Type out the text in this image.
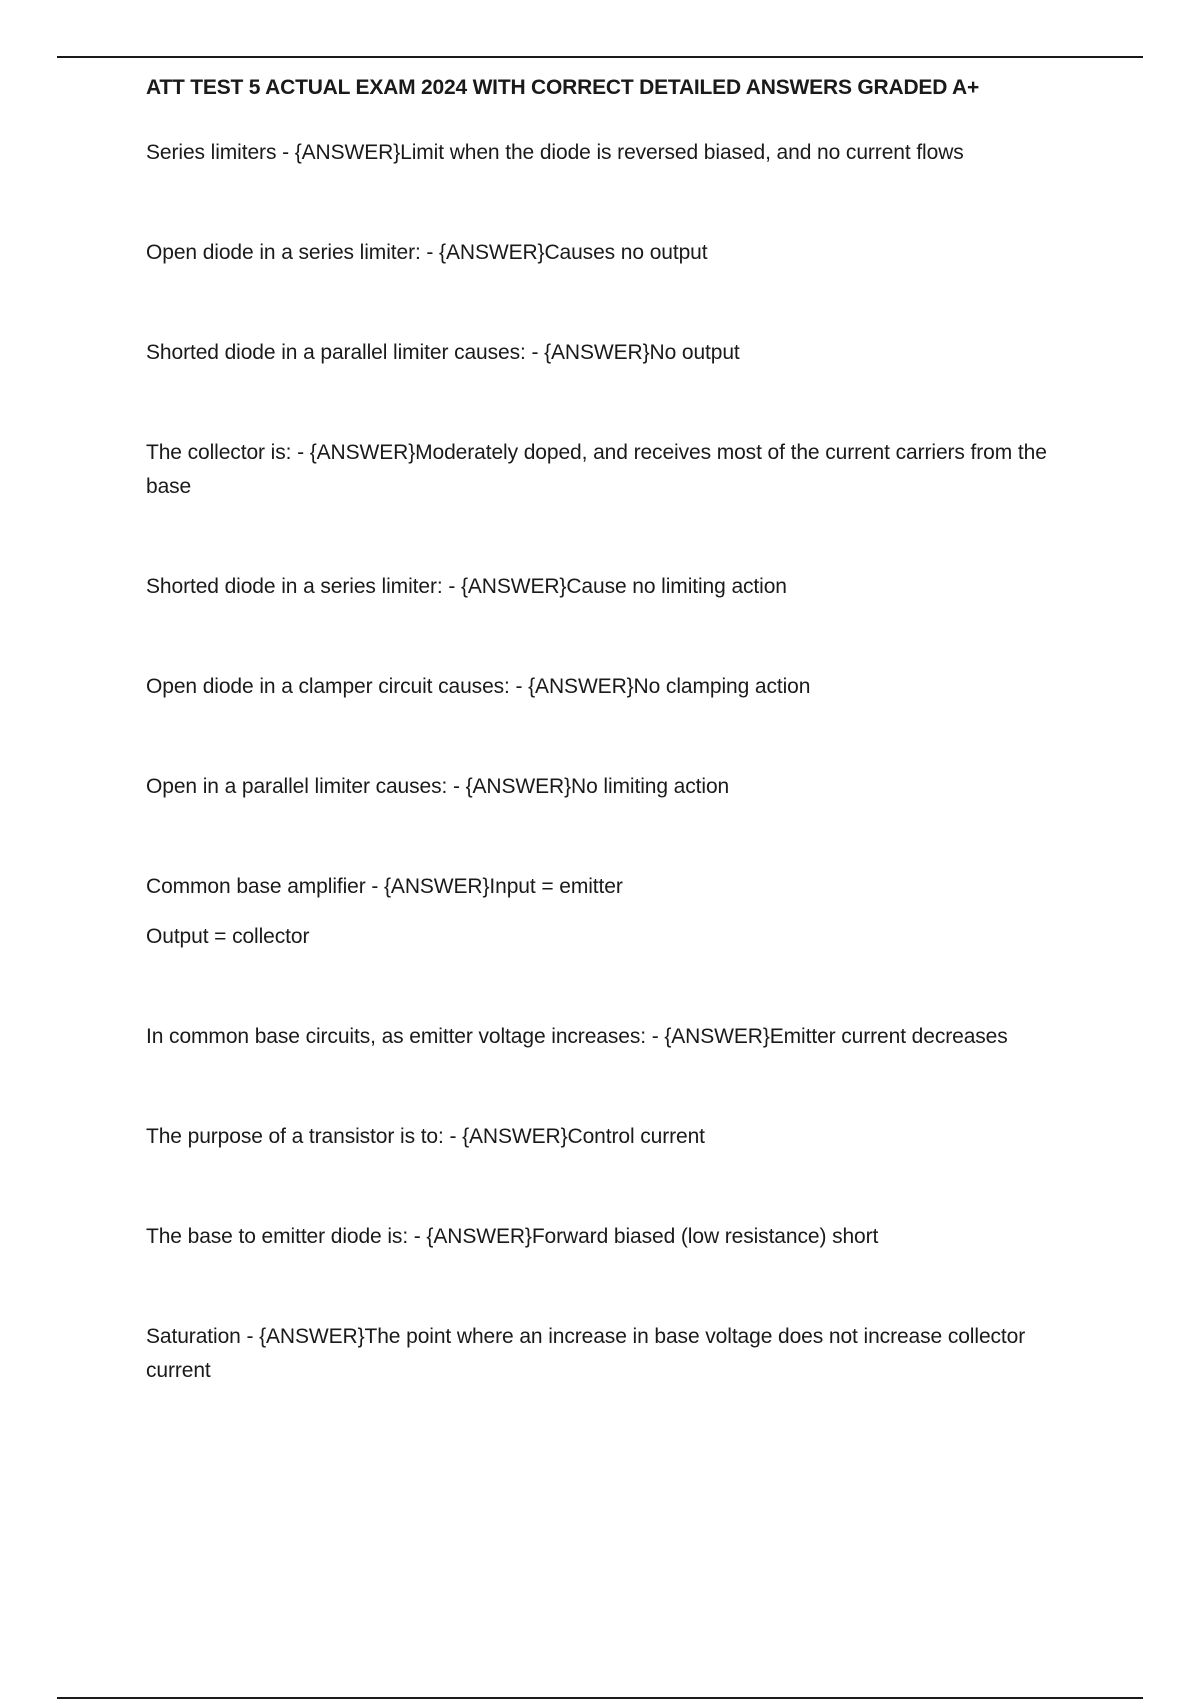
ATT TEST 5 ACTUAL EXAM 2024 WITH CORRECT DETAILED ANSWERS GRADED A+

Series limiters - {ANSWER}Limit when the diode is reversed biased, and no current flows

Open diode in a series limiter: - {ANSWER}Causes no output

Shorted diode in a parallel limiter causes: - {ANSWER}No output

The collector is: - {ANSWER}Moderately doped, and receives most of the current carriers from the base

Shorted diode in a series limiter: - {ANSWER}Cause no limiting action

Open diode in a clamper circuit causes: - {ANSWER}No clamping action

Open in a parallel limiter causes: - {ANSWER}No limiting action

Common base amplifier - {ANSWER}Input = emitter

Output = collector

In common base circuits, as emitter voltage increases: - {ANSWER}Emitter current decreases

The purpose of a transistor is to: - {ANSWER}Control current

The base to emitter diode is: - {ANSWER}Forward biased (low resistance) short

Saturation - {ANSWER}The point where an increase in base voltage does not increase collector current
